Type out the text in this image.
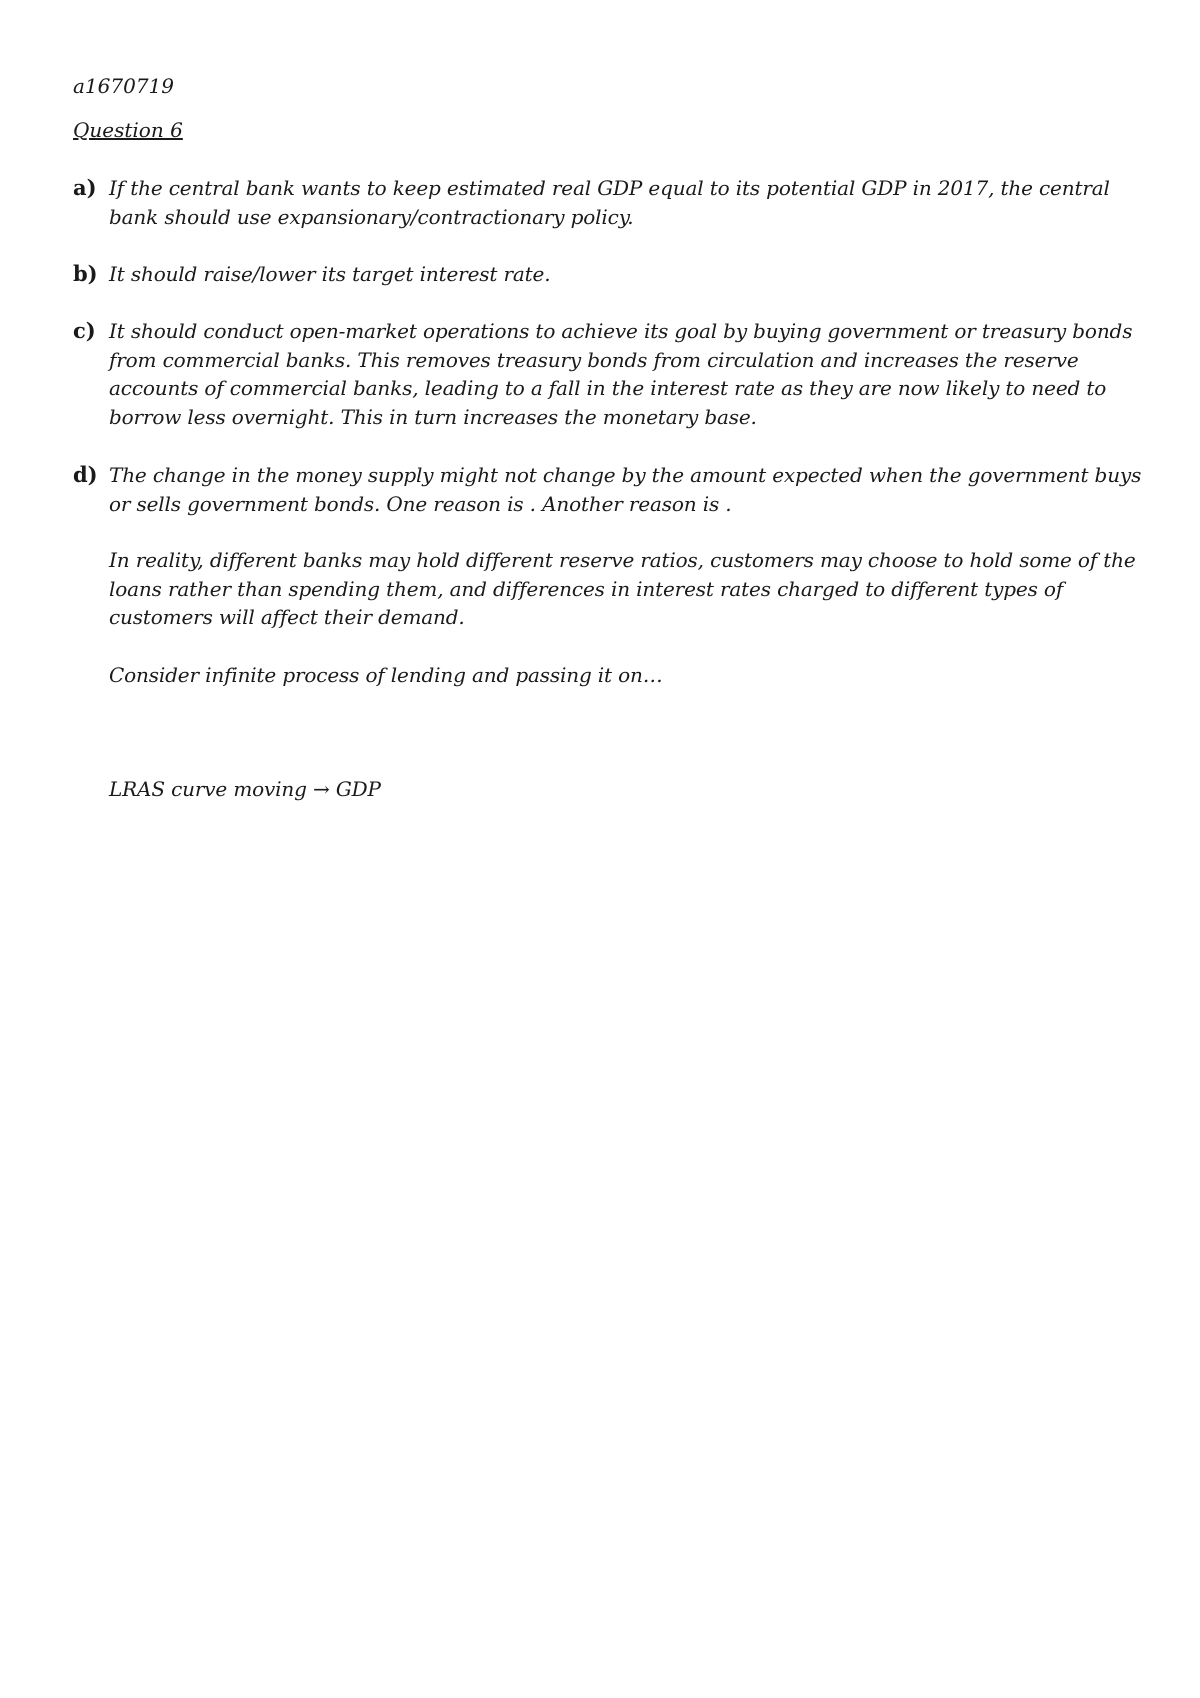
a1670719
Question 6
a) If the central bank wants to keep estimated real GDP equal to its potential GDP in 2017, the central bank should use expansionary/contractionary policy.
b) It should raise/lower its target interest rate.
c) It should conduct open-market operations to achieve its goal by buying government or treasury bonds from commercial banks. This removes treasury bonds from circulation and increases the reserve accounts of commercial banks, leading to a fall in the interest rate as they are now likely to need to borrow less overnight. This in turn increases the monetary base.
d) The change in the money supply might not change by the amount expected when the government buys or sells government bonds. One reason is . Another reason is .
In reality, different banks may hold different reserve ratios, customers may choose to hold some of the loans rather than spending them, and differences in interest rates charged to different types of customers will affect their demand.
Consider infinite process of lending and passing it on…
LRAS curve moving → GDP
